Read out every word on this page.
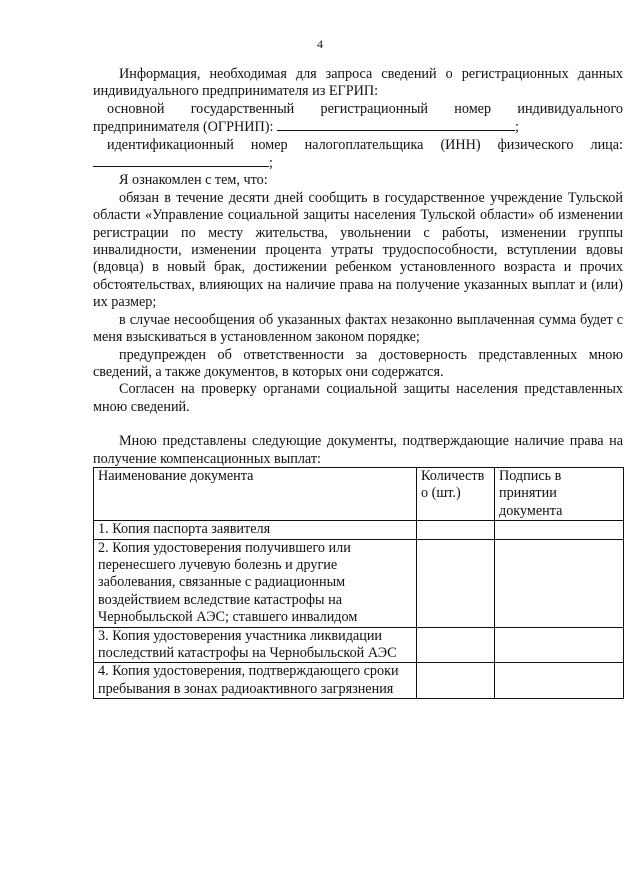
4

Информация, необходимая для запроса сведений о регистрационных данных индивидуального предпринимателя из ЕГРИП:

основной государственный регистрационный номер индивидуального предпринимателя (ОГРНИП):	;

идентификационный номер налогоплательщика (ИНН) физического лица:

;

Я ознакомлен с тем, что:

обязан в течение десяти дней сообщить в государственное учреждение Тульской области «Управление социальной защиты населения Тульской области» об изменении регистрации по месту жительства, увольнении с работы, изменении группы инвалидности, изменении процента утраты трудоспособности, вступлении вдовы (вдовца) в новый брак, достижении ребенком установленного возраста и прочих обстоятельствах, влияющих на наличие права на получение указанных выплат и (или) их размер;

в случае несообщения об указанных фактах незаконно выплаченная сумма будет с меня взыскиваться в установленном законом порядке;

предупрежден об ответственности за достоверность представленных мною сведений, а также документов, в которых они содержатся.

Согласен на проверку органами социальной защиты населения представленных мною сведений.

Мною представлены следующие документы, подтверждающие наличие права на получение компенсационных выплат:

Наименование документа	Количество (шт.)	Подпись в принятии документа
1. Копия паспорта заявителя		
2. Копия удостоверения получившего или перенесшего лучевую болезнь и другие заболевания, связанные с радиационным воздействием вследствие катастрофы на Чернобыльской АЭС; ставшего инвалидом		
3. Копия удостоверения участника ликвидации последствий катастрофы на Чернобыльской АЭС		
4. Копия удостоверения, подтверждающего сроки пребывания в зонах радиоактивного загрязнения		
